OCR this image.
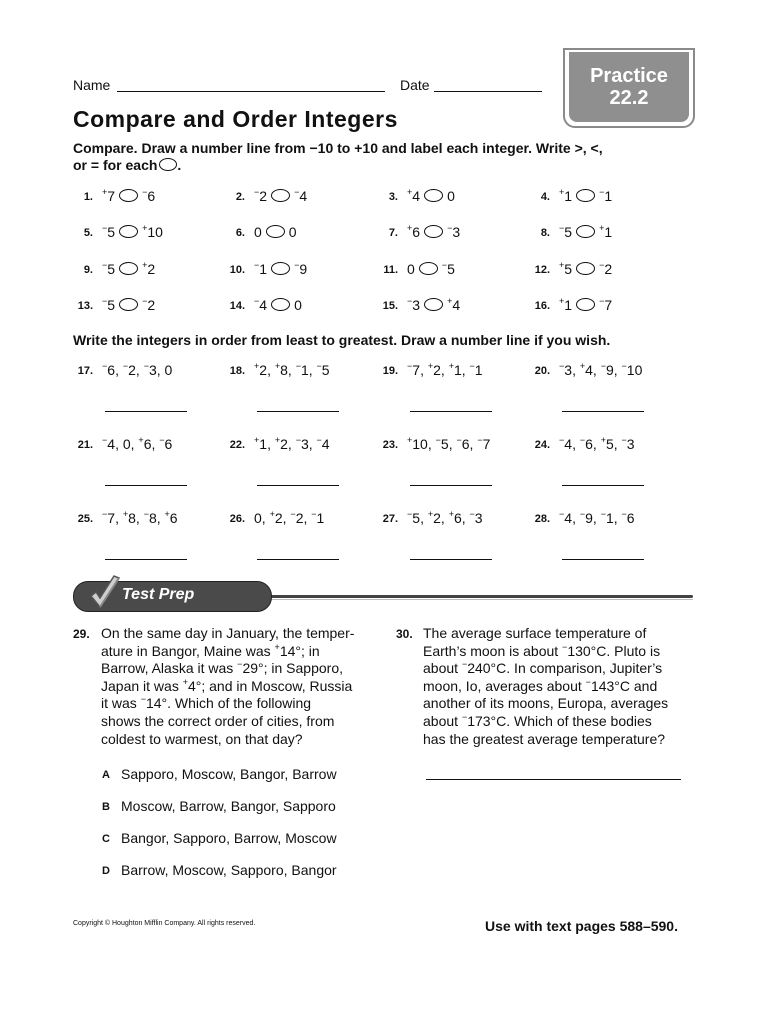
Name	Date	Practice
22.2
Compare and Order Integers
Compare. Draw a number line from −10 to +10 and label each integer. Write >, <,
or = for each .
1. +7	−6	2. −2	−4	3. +4 0	4. +1	−1
5. −5	+10	6. 0 0	7. +6	−3	8. −5	+1
9. −5	+2	10. −1	−9	11. 0	−5	12. +5	−2
13. −5	−2	14. −4 0	15. −3	+4	16. +1	−7
Write the integers in order from least to greatest. Draw a number line if you wish.
17. −6, −2, −3, 0	18. +2, +8, −1, −5	19. −7, +2, +1, −1	20. −3, +4, −9, −10
21. −4, 0, +6, −6	22. +1, +2, −3, −4	23. +10, −5, −6, −7	24. −4, −6, +5, −3
25. −7, +8, −8, +6	26. 0, +2, −2, −1	27. −5, +2, +6, −3	28. −4, −9, −1, −6
Test Prep
29. On the same day in January, the temper-
ature in Bangor, Maine was +14°; in
Barrow, Alaska it was −29°; in Sapporo,
Japan it was +4°; and in Moscow, Russia
it was −14°. Which of the following
shows the correct order of cities, from
coldest to warmest, on that day?
A Sapporo, Moscow, Bangor, Barrow
B Moscow, Barrow, Bangor, Sapporo
C Bangor, Sapporo, Barrow, Moscow
D Barrow, Moscow, Sapporo, Bangor
30. The average surface temperature of
Earth’s moon is about −130°C. Pluto is
about −240°C. In comparison, Jupiter’s
moon, Io, averages about −143°C and
another of its moons, Europa, averages
about −173°C. Which of these bodies
has the greatest average temperature?
Copyright © Houghton Mifflin Company. All rights reserved.	Use with text pages 588–590.
